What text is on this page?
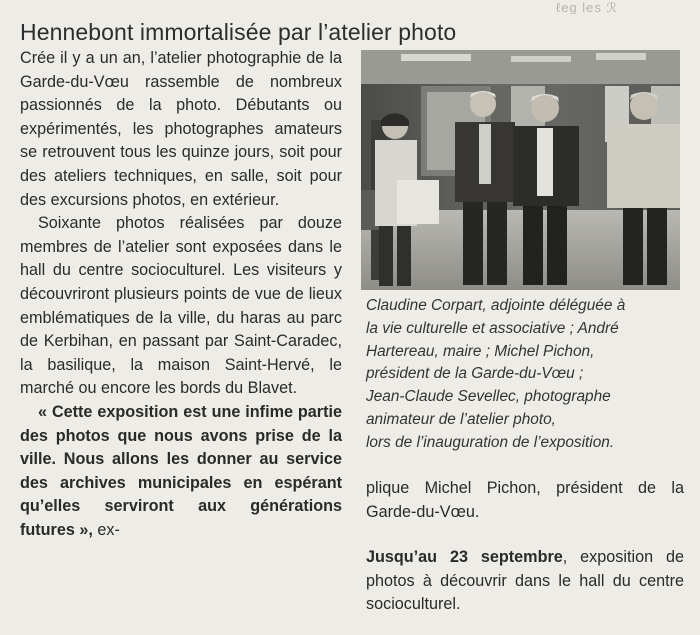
ℓeg les ℛ
Hennebont immortalisée par l’atelier photo

Crée il y a un an, l’atelier photographie de la Garde-du-Vœu rassemble de nombreux passionnés de la photo. Débutants ou expérimentés, les photographes amateurs se retrouvent tous les quinze jours, soit pour des ateliers techniques, en salle, soit pour des excursions photos, en extérieur.

Soixante photos réalisées par douze membres de l’atelier sont exposées dans le hall du centre socioculturel. Les visiteurs y découvriront plusieurs points de vue de lieux emblématiques de la ville, du haras au parc de Kerbihan, en passant par Saint-Caradec, la basilique, la maison Saint-Hervé, le marché ou encore les bords du Blavet.

« Cette exposition est une infime partie des photos que nous avons prise de la ville. Nous allons les donner au service des archives municipales en espérant qu’elles serviront aux générations futures », ex-

Claudine Corpart, adjointe déléguée à
la vie culturelle et associative ; André
Hartereau, maire ; Michel Pichon,
président de la Garde-du-Vœu ;
Jean-Claude Sevellec, photographe
animateur de l’atelier photo,
lors de l’inauguration de l’exposition.

plique Michel Pichon, président de la Garde-du-Vœu.

Jusqu’au 23 septembre, exposition de photos à découvrir dans le hall du centre socioculturel.
